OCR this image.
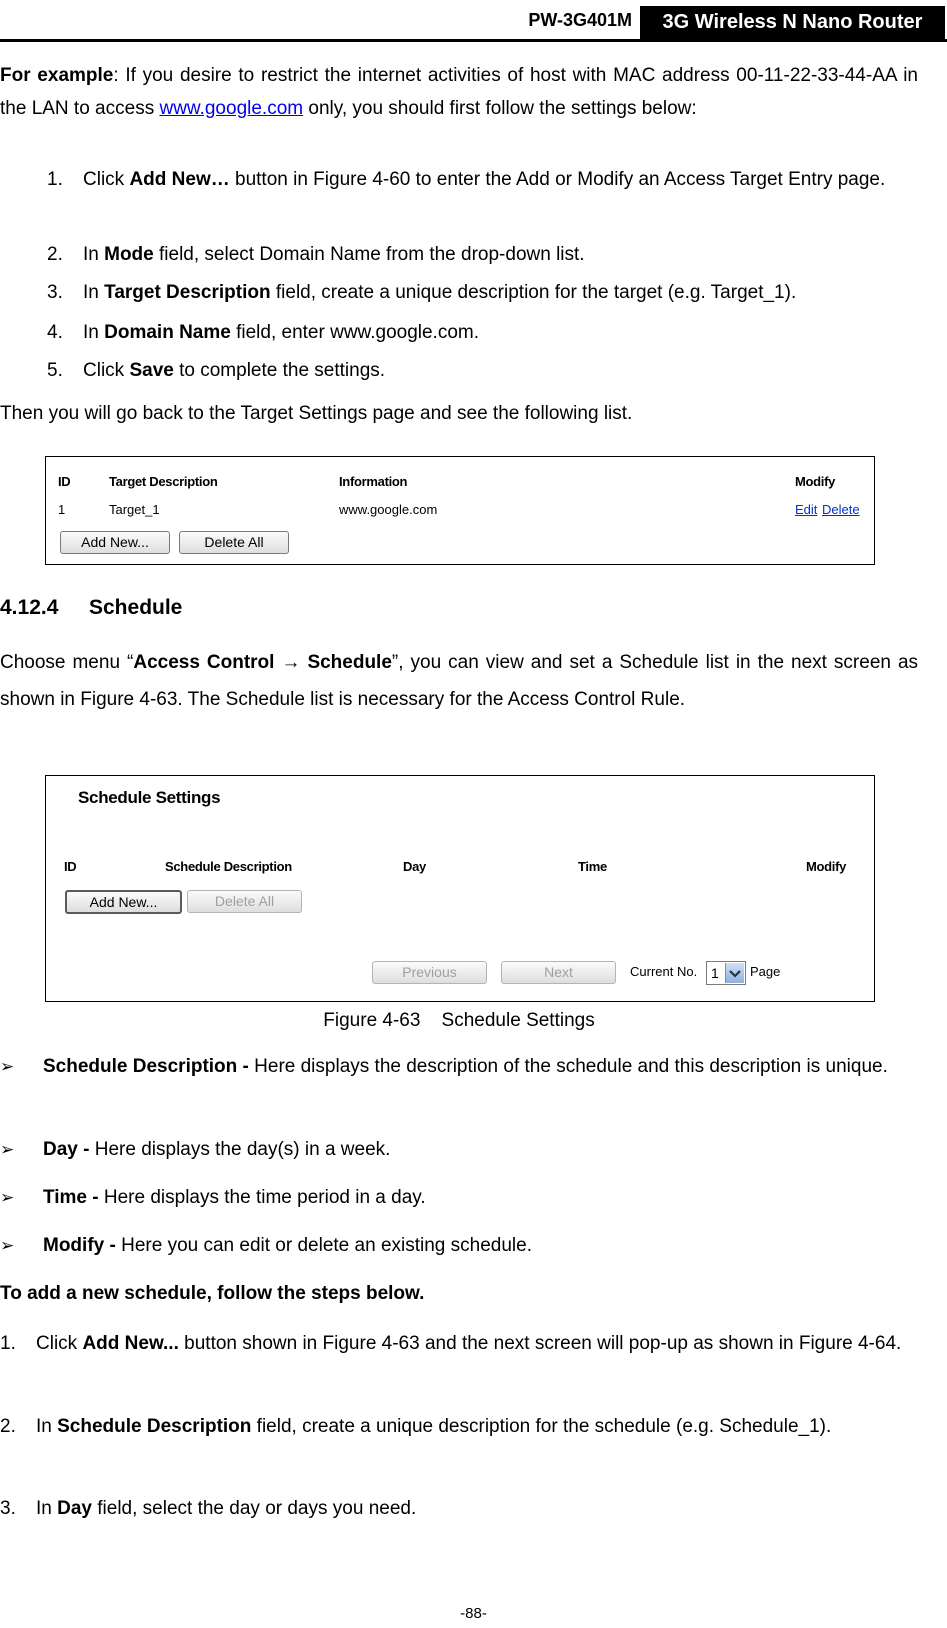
PW-3G401M	3G Wireless N Nano Router
For example: If you desire to restrict the internet activities of host with MAC address 00-11-22-33-44-AA in the LAN to access www.google.com only, you should first follow the settings below:
1. Click Add New… button in Figure 4-60 to enter the Add or Modify an Access Target Entry page.
2. In Mode field, select Domain Name from the drop-down list.
3. In Target Description field, create a unique description for the target (e.g. Target_1).
4. In Domain Name field, enter www.google.com.
5. Click Save to complete the settings.
Then you will go back to the Target Settings page and see the following list.
ID	Target Description	Information	Modify
1	Target_1	www.google.com	Edit Delete
Add New...	Delete All
4.12.4 Schedule
Choose menu “Access Control → Schedule”, you can view and set a Schedule list in the next screen as shown in Figure 4-63. The Schedule list is necessary for the Access Control Rule.
Schedule Settings
ID	Schedule Description	Day	Time	Modify
Add New...	Delete All
Previous	Next	Current No. 1 Page
Figure 4-63    Schedule Settings
➢ Schedule Description - Here displays the description of the schedule and this description is unique.
➢ Day - Here displays the day(s) in a week.
➢ Time - Here displays the time period in a day.
➢ Modify - Here you can edit or delete an existing schedule.
To add a new schedule, follow the steps below.
1. Click Add New... button shown in Figure 4-63 and the next screen will pop-up as shown in Figure 4-64.
2. In Schedule Description field, create a unique description for the schedule (e.g. Schedule_1).
3. In Day field, select the day or days you need.
-88-
